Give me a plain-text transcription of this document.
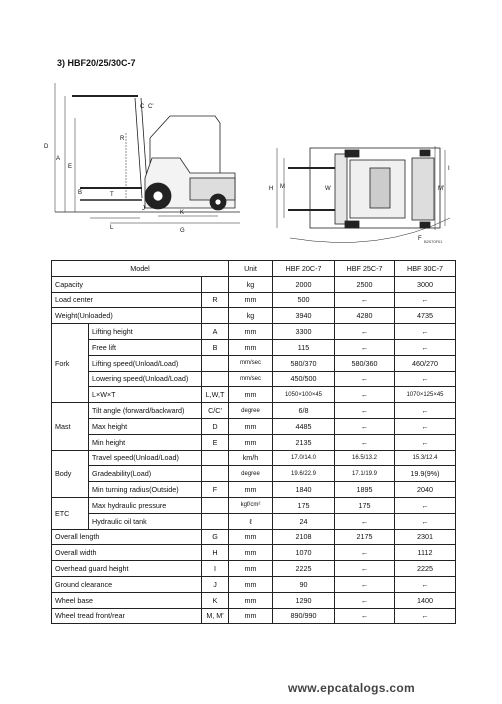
3) HBF20/25/30C-7
D
A
E
B	T
R
C C'
J
L
K
G
H M	W	M'
I
F B2070F01
Model			Unit	HBF 20C-7	HBF 25C-7	HBF 30C-7
Capacity			kg	2000	2500	3000
Load center		R	mm	500	←	←
Weight(Unloaded)			kg	3940	4280	4735
Fork	Lifting height	A	mm	3300	←	←
	Free lift	B	mm	115	←	←
	Lifting speed(Unload/Load)		mm/sec	580/370	580/360	460/270
	Lowering speed(Unload/Load)		mm/sec	450/500	←	←
	L×W×T	L,W,T	mm	1050×100×45	←	1070×125×45
Mast	Tilt angle (forward/backward)	C/C'	degree	6/8	←	←
	Max height	D	mm	4485	←	←
	Min height	E	mm	2135	←	←
Body	Travel speed(Unload/Load)		km/h	17.0/14.0	16.5/13.2	15.3/12.4
	Gradeability(Load)		degree	19.6/22.9	17.1/19.9	19.9(9%)
	Min turning radius(Outside)	F	mm	1840	1895	2040
ETC	Max hydraulic pressure		kgf/cm²	175	175	←
	Hydraulic oil tank		ℓ	24	←	←
Overall length		G	mm	2108	2175	2301
Overall width		H	mm	1070	←	1112
Overhead guard height		I	mm	2225	←	2225
Ground clearance		J	mm	90	←	←
Wheel base		K	mm	1290	←	1400
Wheel tread front/rear		M, M'	mm	890/990	←	←
www.epcatalogs.com
